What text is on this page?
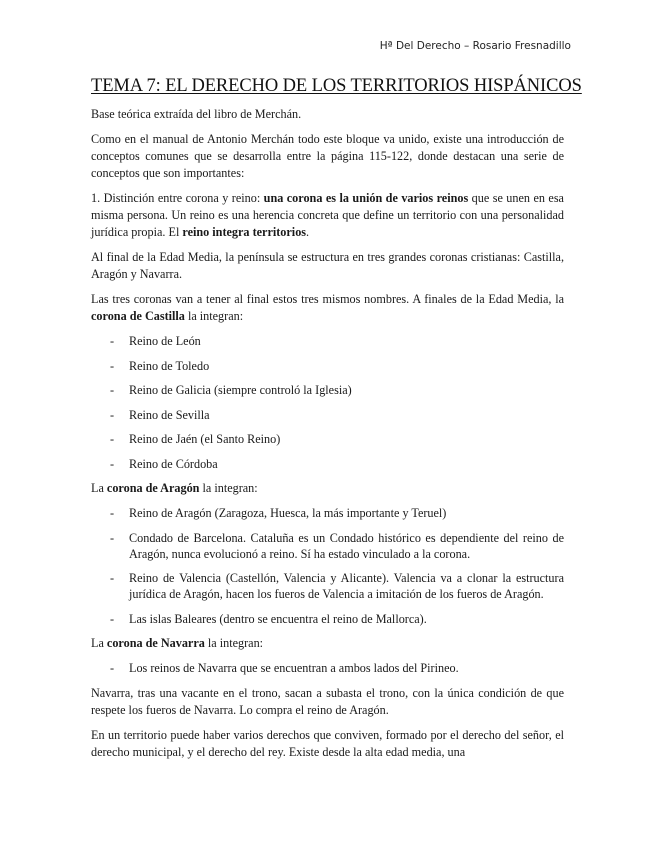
Hª Del Derecho – Rosario Fresnadillo
TEMA 7: EL DERECHO DE LOS TERRITORIOS HISPÁNICOS

Base teórica extraída del libro de Merchán.

Como en el manual de Antonio Merchán todo este bloque va unido, existe una introducción de conceptos comunes que se desarrolla entre la página 115-122, donde destacan una serie de conceptos que son importantes:

1. Distinción entre corona y reino: una corona es la unión de varios reinos que se unen en esa misma persona. Un reino es una herencia concreta que define un territorio con una personalidad jurídica propia. El reino integra territorios.

Al final de la Edad Media, la península se estructura en tres grandes coronas cristianas: Castilla, Aragón y Navarra.

Las tres coronas van a tener al final estos tres mismos nombres. A finales de la Edad Media, la corona de Castilla la integran:

- Reino de León
- Reino de Toledo
- Reino de Galicia (siempre controló la Iglesia)
- Reino de Sevilla
- Reino de Jaén (el Santo Reino)
- Reino de Córdoba

La corona de Aragón la integran:

- Reino de Aragón (Zaragoza, Huesca, la más importante y Teruel)
- Condado de Barcelona. Cataluña es un Condado histórico es dependiente del reino de Aragón, nunca evolucionó a reino. Sí ha estado vinculado a la corona.
- Reino de Valencia (Castellón, Valencia y Alicante). Valencia va a clonar la estructura jurídica de Aragón, hacen los fueros de Valencia a imitación de los fueros de Aragón.
- Las islas Baleares (dentro se encuentra el reino de Mallorca).

La corona de Navarra la integran:

- Los reinos de Navarra que se encuentran a ambos lados del Pirineo.

Navarra, tras una vacante en el trono, sacan a subasta el trono, con la única condición de que respete los fueros de Navarra. Lo compra el reino de Aragón.

En un territorio puede haber varios derechos que conviven, formado por el derecho del señor, el derecho municipal, y el derecho del rey. Existe desde la alta edad media, una
